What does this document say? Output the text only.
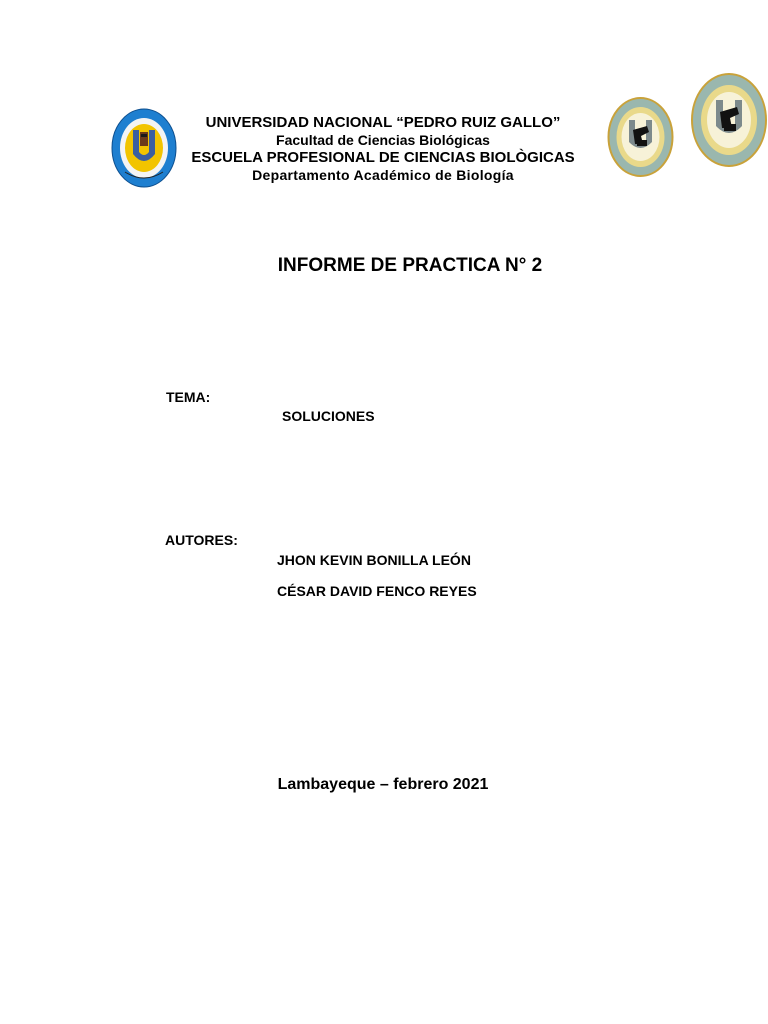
UNIVERSIDAD NACIONAL “PEDRO RUIZ GALLO”
Facultad de Ciencias Biológicas
ESCUELA PROFESIONAL DE CIENCIAS BIOLÒGICAS
Departamento Académico de Biología
INFORME DE PRACTICA N° 2
TEMA:
SOLUCIONES
AUTORES:
JHON KEVIN BONILLA LEÓN
CÉSAR DAVID FENCO REYES
Lambayeque – febrero 2021
